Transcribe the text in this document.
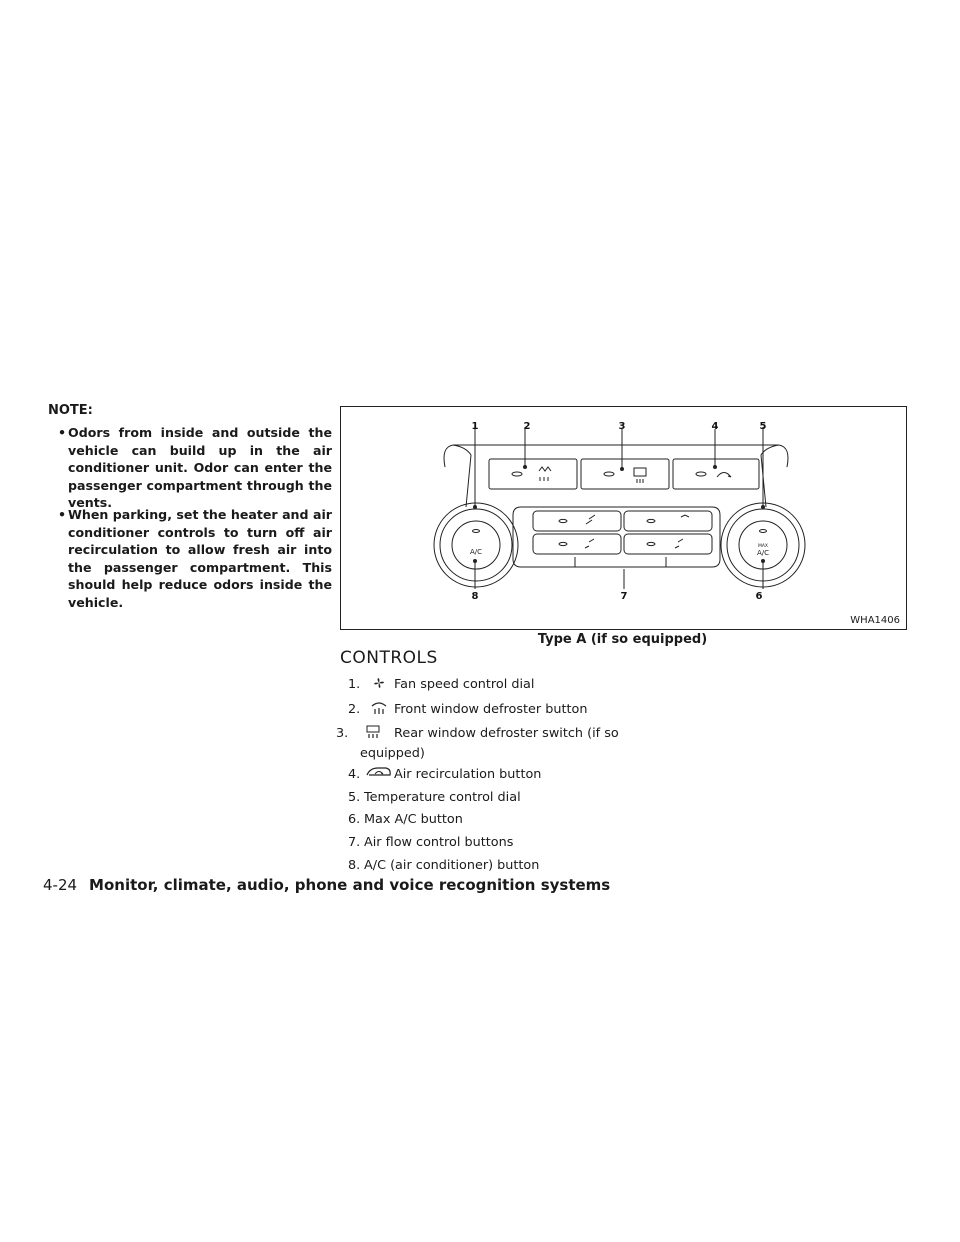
NOTE:
• Odors from inside and outside the vehicle can build up in the air conditioner unit. Odor can enter the passenger compartment through the vents.
• When parking, set the heater and air conditioner controls to turn off air recirculation to allow fresh air into the passenger compartment. This should help reduce odors inside the vehicle.
A/C
MAX
A/C
1	2	3	4	5
6
7
8
WHA1406
Type A (if so equipped)
CONTROLS
1.	Fan speed control dial
2.	Front window defroster button
3.	Rear window defroster switch (if so equipped)
4.	Air recirculation button
5. Temperature control dial
6. Max A/C button
7. Air flow control buttons
8. A/C (air conditioner) button
4-24 Monitor, climate, audio, phone and voice recognition systems
